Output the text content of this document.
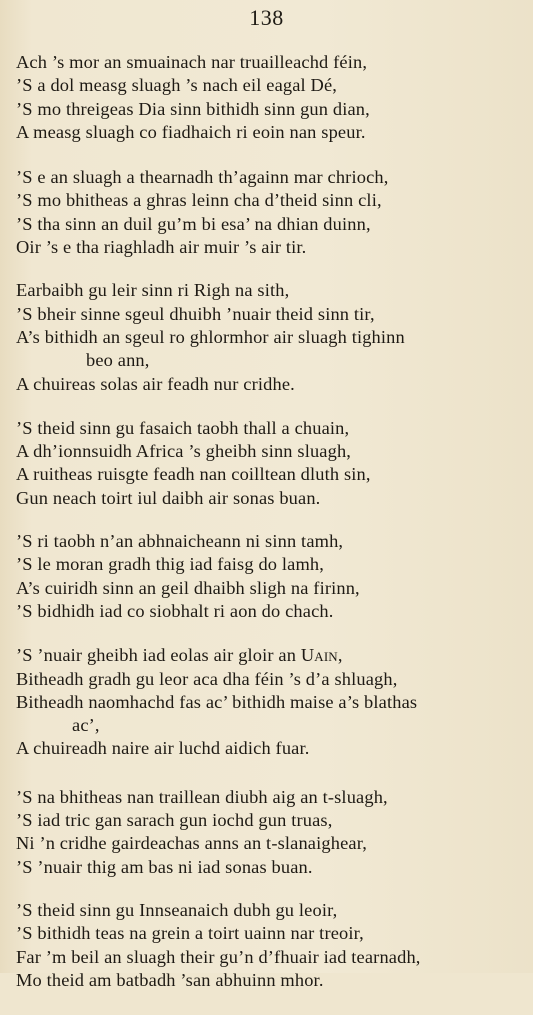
138
Ach ’s mor an smuainach nar truailleachd féin,
’S a dol measg sluagh ’s nach eil eagal Dé,
’S mo threigeas Dia sinn bithidh sinn gun dian,
A measg sluagh co fiadhaich ri eoin nan speur.
’S e an sluagh a thearnadh th’againn mar chrioch,
’S mo bhitheas a ghras leinn cha d’theid sinn cli,
’S tha sinn an duil gu’m bi esa’ na dhian duinn,
Oir ’s e tha riaghladh air muir ’s air tir.
Earbaibh gu leir sinn ri Righ na sith,
’S bheir sinne sgeul dhuibh ’nuair theid sinn tir,
A’s bithidh an sgeul ro ghlormhor air sluagh tighinn
beo ann,
A chuireas solas air feadh nur cridhe.
’S theid sinn gu fasaich taobh thall a chuain,
A dh’ionnsuidh Africa ’s gheibh sinn sluagh,
A ruitheas ruisgte feadh nan coilltean dluth sin,
Gun neach toirt iul daibh air sonas buan.
’S ri taobh n’an abhnaicheann ni sinn tamh,
’S le moran gradh thig iad faisg do lamh,
A’s cuiridh sinn an geil dhaibh sligh na firinn,
’S bidhidh iad co siobhalt ri aon do chach.
’S ’nuair gheibh iad eolas air gloir an Uain,
Bitheadh gradh gu leor aca dha féin ’s d’a shluagh,
Bitheadh naomhachd fas ac’ bithidh maise a’s blathas
ac’,
A chuireadh naire air luchd aidich fuar.
’S na bhitheas nan traillean diubh aig an t-sluagh,
’S iad tric gan sarach gun iochd gun truas,
Ni ’n cridhe gairdeachas anns an t-slanaighear,
’S ’nuair thig am bas ni iad sonas buan.
’S theid sinn gu Innseanaich dubh gu leoir,
’S bithidh teas na grein a toirt uainn nar treoir,
Far ’m beil an sluagh their gu’n d’fhuair iad tearnadh,
Mo theid am batbadh ’san abhuinn mhor.
